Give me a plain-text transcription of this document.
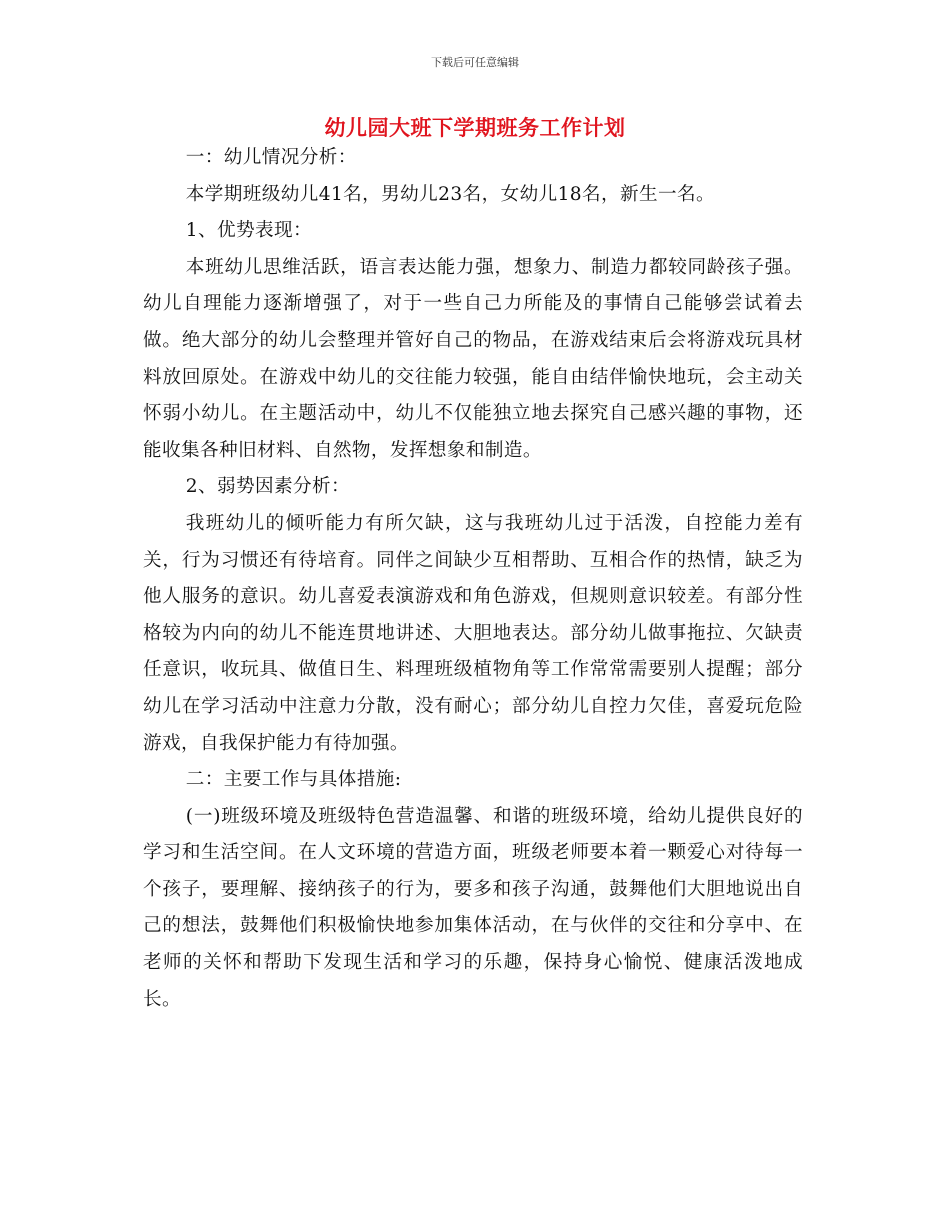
下载后可任意编辑
幼儿园大班下学期班务工作计划

一：幼儿情况分析：

本学期班级幼儿41名，男幼儿23名，女幼儿18名，新生一名。

1、优势表现：

本班幼儿思维活跃，语言表达能力强，想象力、制造力都较同龄孩子强。幼儿自理能力逐渐增强了，对于一些自己力所能及的事情自己能够尝试着去做。绝大部分的幼儿会整理并管好自己的物品，在游戏结束后会将游戏玩具材料放回原处。在游戏中幼儿的交往能力较强，能自由结伴愉快地玩，会主动关怀弱小幼儿。在主题活动中，幼儿不仅能独立地去探究自己感兴趣的事物，还能收集各种旧材料、自然物，发挥想象和制造。

2、弱势因素分析：

我班幼儿的倾听能力有所欠缺，这与我班幼儿过于活泼，自控能力差有关，行为习惯还有待培育。同伴之间缺少互相帮助、互相合作的热情，缺乏为他人服务的意识。幼儿喜爱表演游戏和角色游戏，但规则意识较差。有部分性格较为内向的幼儿不能连贯地讲述、大胆地表达。部分幼儿做事拖拉、欠缺责任意识，收玩具、做值日生、料理班级植物角等工作常常需要别人提醒；部分幼儿在学习活动中注意力分散，没有耐心；部分幼儿自控力欠佳，喜爱玩危险游戏，自我保护能力有待加强。

二：主要工作与具体措施:

(一)班级环境及班级特色营造温馨、和谐的班级环境，给幼儿提供良好的学习和生活空间。在人文环境的营造方面，班级老师要本着一颗爱心对待每一个孩子，要理解、接纳孩子的行为，要多和孩子沟通，鼓舞他们大胆地说出自己的想法，鼓舞他们积极愉快地参加集体活动，在与伙伴的交往和分享中、在老师的关怀和帮助下发现生活和学习的乐趣，保持身心愉悦、健康活泼地成长。
